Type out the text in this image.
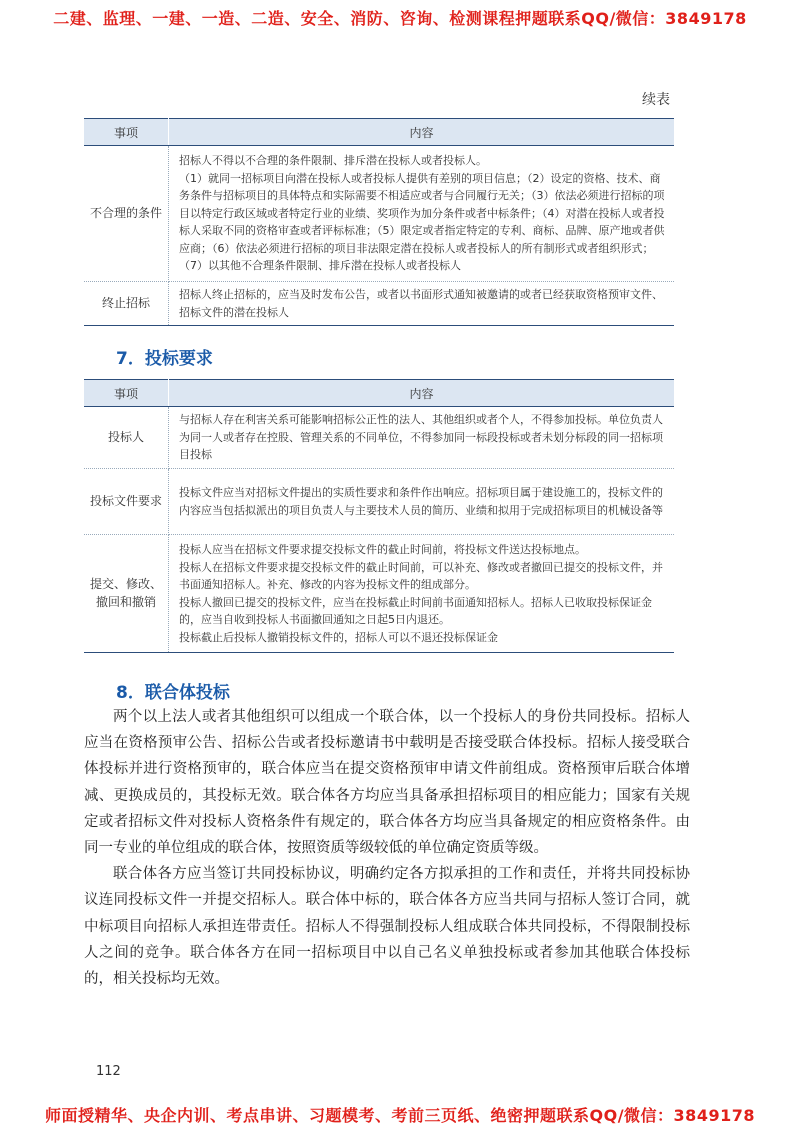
二建、监理、一建、一造、二造、安全、消防、咨询、检测课程押题联系QQ/微信：3849178
续表
事项	内容
不合理的条件	招标人不得以不合理的条件限制、排斥潜在投标人或者投标人。

（1）就同一招标项目向潜在投标人或者投标人提供有差别的项目信息；（2）设定的资格、技术、商务条件与招标项目的具体特点和实际需要不相适应或者与合同履行无关；（3）依法必须进行招标的项目以特定行政区域或者特定行业的业绩、奖项作为加分条件或者中标条件；（4）对潜在投标人或者投标人采取不同的资格审查或者评标标准；（5）限定或者指定特定的专利、商标、品牌、原产地或者供应商；（6）依法必须进行招标的项目非法限定潜在投标人或者投标人的所有制形式或者组织形式；（7）以其他不合理条件限制、排斥潜在投标人或者投标人

终止招标	招标人终止招标的，应当及时发布公告，或者以书面形式通知被邀请的或者已经获取资格预审文件、招标文件的潜在投标人

7．投标要求
事项	内容
投标人	与招标人存在利害关系可能影响招标公正性的法人、其他组织或者个人，不得参加投标。单位负责人为同一人或者存在控股、管理关系的不同单位，不得参加同一标段投标或者未划分标段的同一招标项目投标

投标文件要求	投标文件应当对招标文件提出的实质性要求和条件作出响应。招标项目属于建设施工的，投标文件的内容应当包括拟派出的项目负责人与主要技术人员的简历、业绩和拟用于完成招标项目的机械设备等

提交、修改、撤回和撤销	投标人应当在招标文件要求提交投标文件的截止时间前，将投标文件送达投标地点。

投标人在招标文件要求提交投标文件的截止时间前，可以补充、修改或者撤回已提交的投标文件，并书面通知招标人。补充、修改的内容为投标文件的组成部分。

投标人撤回已提交的投标文件，应当在投标截止时间前书面通知招标人。招标人已收取投标保证金的，应当自收到投标人书面撤回通知之日起5日内退还。

投标截止后投标人撤销投标文件的，招标人可以不退还投标保证金

8．联合体投标

两个以上法人或者其他组织可以组成一个联合体，以一个投标人的身份共同投标。招标人应当在资格预审公告、招标公告或者投标邀请书中载明是否接受联合体投标。招标人接受联合体投标并进行资格预审的，联合体应当在提交资格预审申请文件前组成。资格预审后联合体增减、更换成员的，其投标无效。联合体各方均应当具备承担招标项目的相应能力；国家有关规定或者招标文件对投标人资格条件有规定的，联合体各方均应当具备规定的相应资格条件。由同一专业的单位组成的联合体，按照资质等级较低的单位确定资质等级。

联合体各方应当签订共同投标协议，明确约定各方拟承担的工作和责任，并将共同投标协议连同投标文件一并提交招标人。联合体中标的，联合体各方应当共同与招标人签订合同，就中标项目向招标人承担连带责任。招标人不得强制投标人组成联合体共同投标，不得限制投标人之间的竞争。联合体各方在同一招标项目中以自己名义单独投标或者参加其他联合体投标的，相关投标均无效。

112
师面授精华、央企内训、考点串讲、习题模考、考前三页纸、绝密押题联系QQ/微信：3849178
